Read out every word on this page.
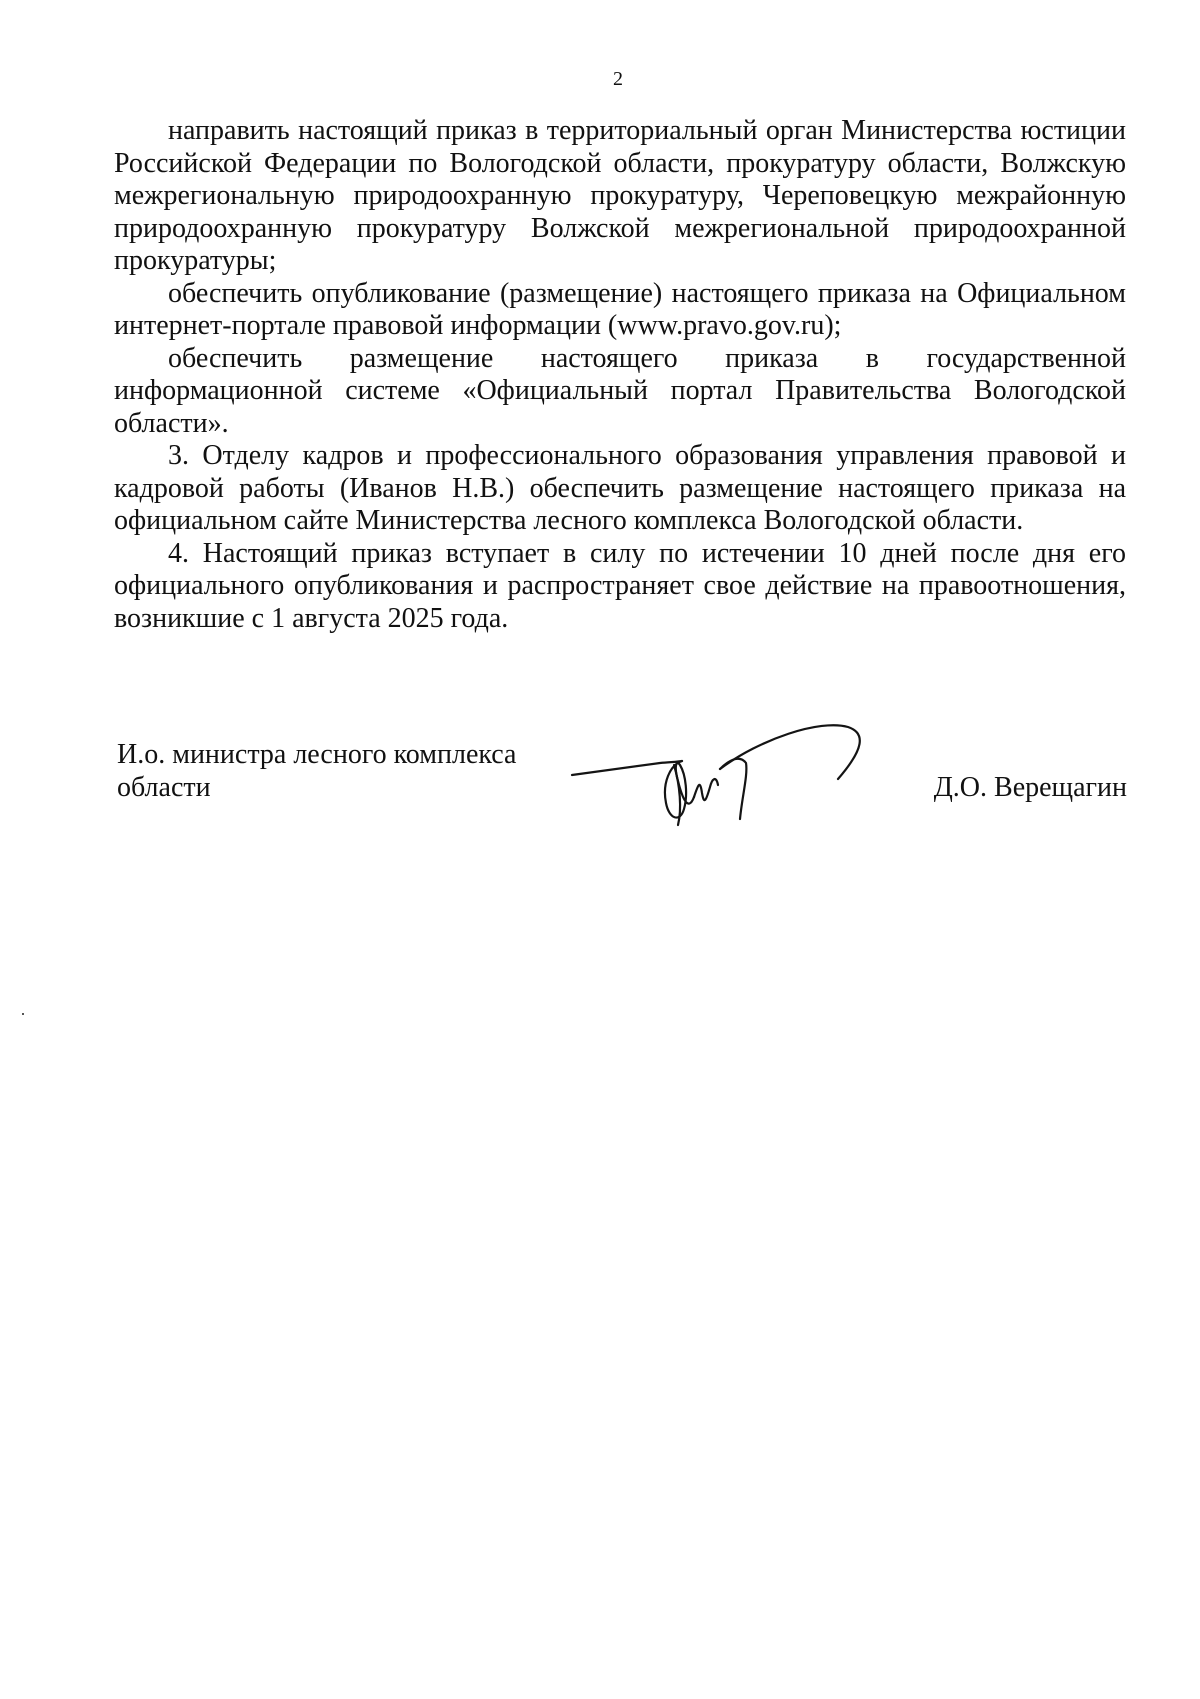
2

направить настоящий приказ в территориальный орган Министерства юстиции Российской Федерации по Вологодской области, прокуратуру области, Волжскую межрегиональную природоохранную прокуратуру, Череповецкую межрайонную природоохранную прокуратуру Волжской межрегиональной природоохранной прокуратуры;

обеспечить опубликование (размещение) настоящего приказа на Официальном интернет-портале правовой информации (www.pravo.gov.ru);

обеспечить размещение настоящего приказа в государственной информационной системе «Официальный портал Правительства Вологодской области».

3. Отделу кадров и профессионального образования управления правовой и кадровой работы (Иванов Н.В.) обеспечить размещение настоящего приказа на официальном сайте Министерства лесного комплекса Вологодской области.

4. Настоящий приказ вступает в силу по истечении 10 дней после дня его официального опубликования и распространяет свое действие на правоотношения, возникшие с 1 августа 2025 года.

И.о. министра лесного комплекса
области	Д.О. Верещагин
